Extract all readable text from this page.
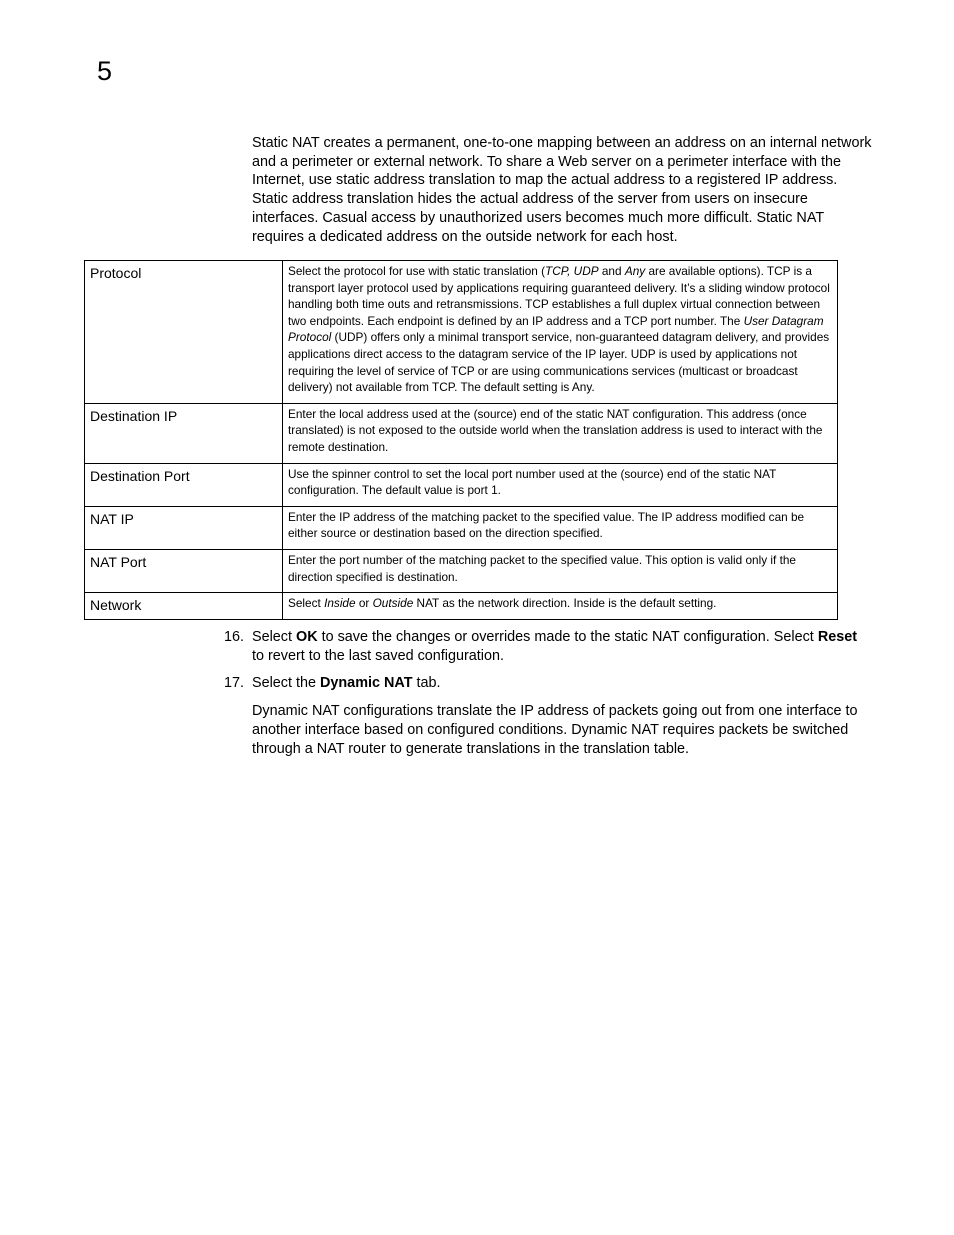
5

Static NAT creates a permanent, one-to-one mapping between an address on an internal network and a perimeter or external network. To share a Web server on a perimeter interface with the Internet, use static address translation to map the actual address to a registered IP address. Static address translation hides the actual address of the server from users on insecure interfaces. Casual access by unauthorized users becomes much more difficult. Static NAT requires a dedicated address on the outside network for each host.

Protocol	Select the protocol for use with static translation (TCP, UDP and Any are available options). TCP is a transport layer protocol used by applications requiring guaranteed delivery. It’s a sliding window protocol handling both time outs and retransmissions. TCP establishes a full duplex virtual connection between two endpoints. Each endpoint is defined by an IP address and a TCP port number. The User Datagram Protocol (UDP) offers only a minimal transport service, non-guaranteed datagram delivery, and provides applications direct access to the datagram service of the IP layer. UDP is used by applications not requiring the level of service of TCP or are using communications services (multicast or broadcast delivery) not available from TCP. The default setting is Any.
Destination IP	Enter the local address used at the (source) end of the static NAT configuration. This address (once translated) is not exposed to the outside world when the translation address is used to interact with the remote destination.
Destination Port	Use the spinner control to set the local port number used at the (source) end of the static NAT configuration. The default value is port 1.
NAT IP	Enter the IP address of the matching packet to the specified value. The IP address modified can be either source or destination based on the direction specified.
NAT Port	Enter the port number of the matching packet to the specified value. This option is valid only if the direction specified is destination.
Network	Select Inside or Outside NAT as the network direction. Inside is the default setting.
16. Select OK to save the changes or overrides made to the static NAT configuration. Select Reset to revert to the last saved configuration.
17. Select the Dynamic NAT tab.

Dynamic NAT configurations translate the IP address of packets going out from one interface to another interface based on configured conditions. Dynamic NAT requires packets be switched through a NAT router to generate translations in the translation table.
